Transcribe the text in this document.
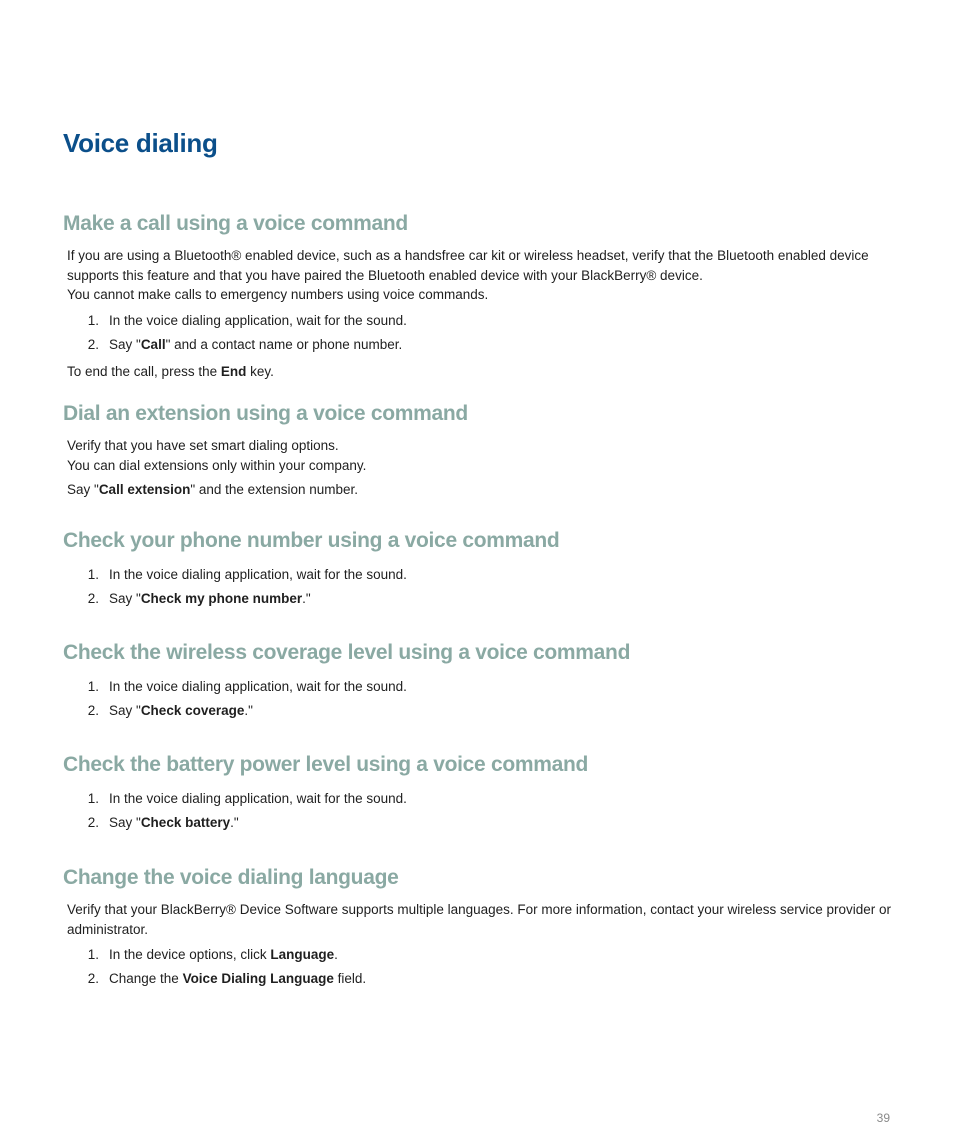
Voice dialing
Make a call using a voice command

If you are using a Bluetooth® enabled device, such as a handsfree car kit or wireless headset, verify that the Bluetooth enabled device supports this feature and that you have paired the Bluetooth enabled device with your BlackBerry® device.

You cannot make calls to emergency numbers using voice commands.

1. In the voice dialing application, wait for the sound.
2. Say "Call" and a contact name or phone number.

To end the call, press the End key.

Dial an extension using a voice command

Verify that you have set smart dialing options.

You can dial extensions only within your company.

Say "Call extension" and the extension number.

Check your phone number using a voice command
1. In the voice dialing application, wait for the sound.
2. Say "Check my phone number."
Check the wireless coverage level using a voice command
1. In the voice dialing application, wait for the sound.
2. Say "Check coverage."
Check the battery power level using a voice command
1. In the voice dialing application, wait for the sound.
2. Say "Check battery."
Change the voice dialing language

Verify that your BlackBerry® Device Software supports multiple languages. For more information, contact your wireless service provider or administrator.

1. In the device options, click Language.
2. Change the Voice Dialing Language field.
39
